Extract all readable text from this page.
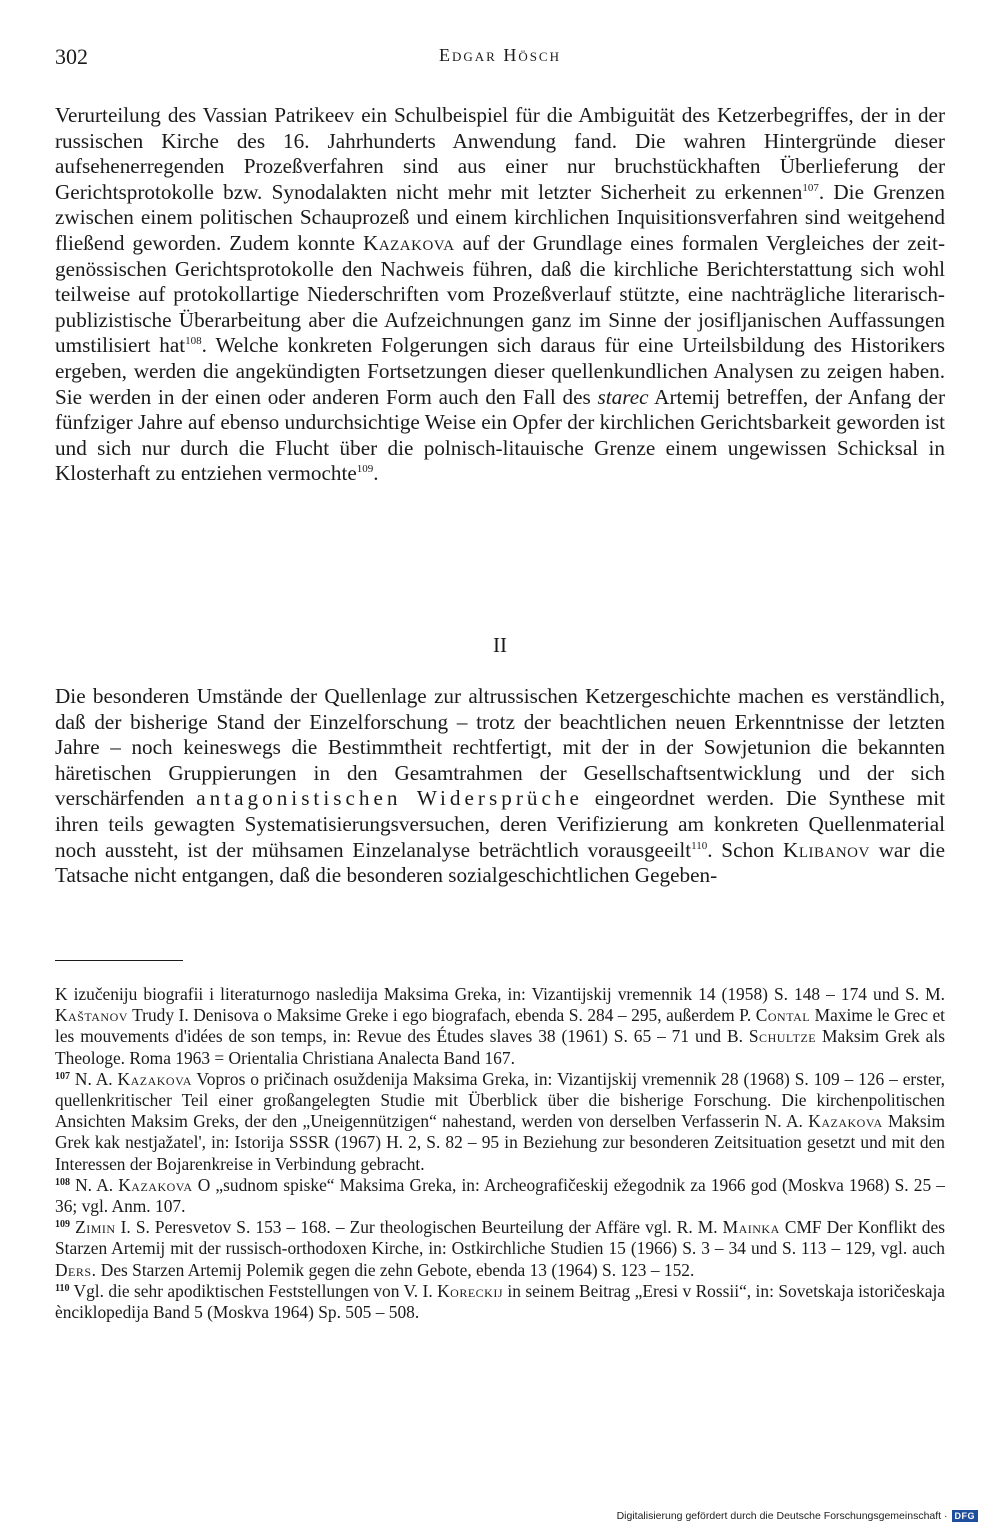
302	Edgar Hösch

Verurteilung des Vassian Patrikeev ein Schulbeispiel für die Ambiguität des Ketzerbegriffes, der in der russischen Kirche des 16. Jahrhunderts Anwendung fand. Die wahren Hintergründe dieser aufsehenerregenden Prozeßverfahren sind aus einer nur bruchstückhaften Überlieferung der Gerichtsprotokolle bzw. Synodalakten nicht mehr mit letzter Sicherheit zu erkennen$^{107}$. Die Grenzen zwischen einem politischen Schauprozeß und einem kirchlichen Inquisitionsverfahren sind weitgehend fließend geworden. Zudem konnte Kazakova auf der Grundlage eines formalen Vergleiches der zeitgenössischen Gerichtsprotokolle den Nachweis führen, daß die kirchliche Berichterstattung sich wohl teilweise auf protokollartige Niederschriften vom Prozeßverlauf stützte, eine nachträgliche literarisch-publizistische Überarbeitung aber die Aufzeichnungen ganz im Sinne der josifljanischen Auffassungen umstilisiert hat$^{108}$. Welche konkreten Folgerungen sich daraus für eine Urteilsbildung des Historikers ergeben, werden die angekündigten Fortsetzungen dieser quellenkundlichen Analysen zu zeigen haben. Sie werden in der einen oder anderen Form auch den Fall des starec Artemij betreffen, der Anfang der fünfziger Jahre auf ebenso undurchsichtige Weise ein Opfer der kirchlichen Gerichtsbarkeit geworden ist und sich nur durch die Flucht über die polnisch-litauische Grenze einem ungewissen Schicksal in Klosterhaft zu entziehen vermochte$^{109}$.

II

Die besonderen Umstände der Quellenlage zur altrussischen Ketzergeschichte machen es verständlich, daß der bisherige Stand der Einzelforschung – trotz der beachtlichen neuen Erkenntnisse der letzten Jahre – noch keineswegs die Bestimmtheit rechtfertigt, mit der in der Sowjetunion die bekannten häretischen Gruppierungen in den Gesamtrahmen der Gesellschaftsentwicklung und der sich verschärfenden antagonistischen Widersprüche eingeordnet werden. Die Synthese mit ihren teils gewagten Systematisierungsversuchen, deren Verifizierung am konkreten Quellenmaterial noch aussteht, ist der mühsamen Einzelanalyse beträchtlich vorausgeeilt$^{110}$. Schon Klibanov war die Tatsache nicht entgangen, daß die besonderen sozialgeschichtlichen Gegeben-

K izučeniju biografii i literaturnogo nasledija Maksima Greka, in: Vizantijskij vremennik 14 (1958) S. 148 – 174 und S. M. Kaštanov Trudy I. Denisova o Maksime Greke i ego biografach, ebenda S. 284 – 295, außerdem P. Contal Maxime le Grec et les mouvements d'idées de son temps, in: Revue des Études slaves 38 (1961) S. 65 – 71 und B. Schultze Maksim Grek als Theologe. Roma 1963 = Orientalia Christiana Analecta Band 167.

$^{107}$ N. A. Kazakova Vopros o pričinach osuždenija Maksima Greka, in: Vizantijskij vremennik 28 (1968) S. 109 – 126 – erster, quellenkritischer Teil einer großangelegten Studie mit Überblick über die bisherige Forschung. Die kirchenpolitischen Ansichten Maksim Greks, der den „Uneigennützigen“ nahestand, werden von derselben Verfasserin N. A. Kazakova Maksim Grek kak nestjažatel', in: Istorija SSSR (1967) H. 2, S. 82 – 95 in Beziehung zur besonderen Zeitsituation gesetzt und mit den Interessen der Bojarenkreise in Verbindung gebracht.

$^{108}$ N. A. Kazakova O „sudnom spiske“ Maksima Greka, in: Archeografičeskij ežegodnik za 1966 god (Moskva 1968) S. 25 – 36; vgl. Anm. 107.

$^{109}$ Zimin I. S. Peresvetov S. 153 – 168. – Zur theologischen Beurteilung der Affäre vgl. R. M. Mainka CMF Der Konflikt des Starzen Artemij mit der russisch-orthodoxen Kirche, in: Ostkirchliche Studien 15 (1966) S. 3 – 34 und S. 113 – 129, vgl. auch Ders. Des Starzen Artemij Polemik gegen die zehn Gebote, ebenda 13 (1964) S. 123 – 152.

$^{110}$ Vgl. die sehr apodiktischen Feststellungen von V. I. Koreckij in seinem Beitrag „Eresi v Rossii“, in: Sovetskaja istoričeskaja ènciklopedija Band 5 (Moskva 1964) Sp. 505 – 508.

Digitalisierung gefördert durch die Deutsche Forschungsgemeinschaft · DFG
